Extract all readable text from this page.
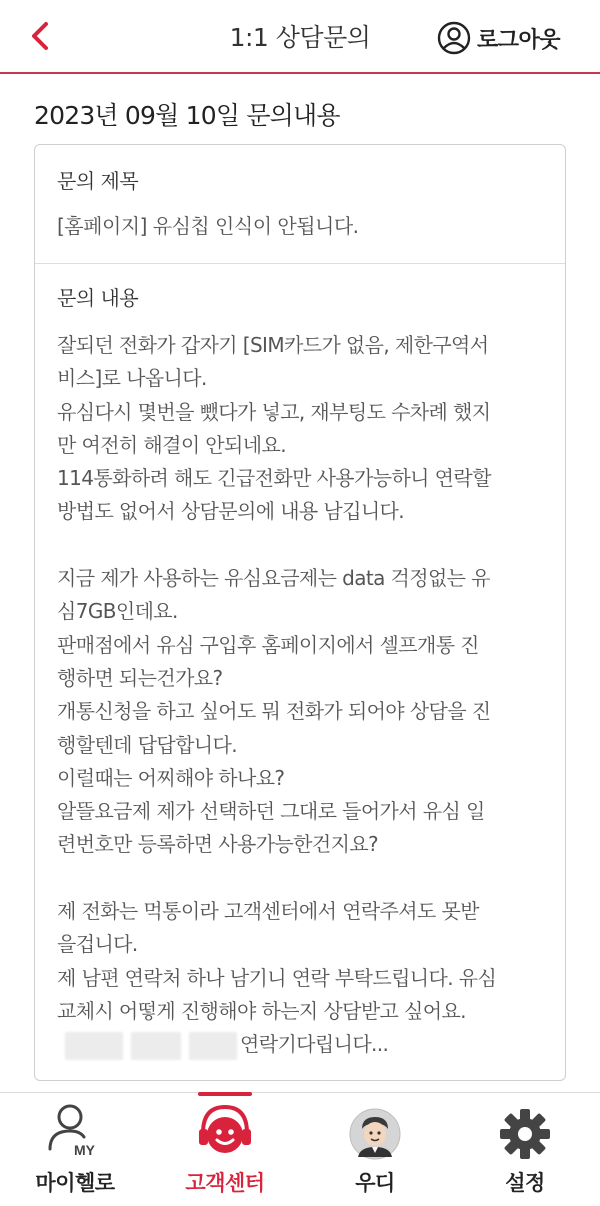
1:1 상담문의	로그아웃
2023년 09월 10일 문의내용
문의 제목
[홈페이지] 유심칩 인식이 안됩니다.
문의 내용
잘되던 전화가 갑자기 [SIM카드가 없음, 제한구역서
비스]로 나옵니다.
유심다시 몇번을 뺐다가 넣고, 재부팅도 수차례 했지
만 여전히 해결이 안되네요.
114통화하려 해도 긴급전화만 사용가능하니 연락할
방법도 없어서 상담문의에 내용 남깁니다.

지금 제가 사용하는 유심요금제는 data 걱정없는 유
심7GB인데요.
판매점에서 유심 구입후 홈페이지에서 셀프개통 진
행하면 되는건가요?
개통신청을 하고 싶어도 뭐 전화가 되어야 상담을 진
행할텐데 답답합니다.
이럴때는 어찌해야 하나요?
알뜰요금제 제가 선택하던 그대로 들어가서 유심 일
련번호만 등록하면 사용가능한건지요?

제 전화는 먹통이라 고객센터에서 연락주셔도 못받
을겁니다.
제 남편 연락처 하나 남기니 연락 부탁드립니다. 유심
교체시 어떻게 진행해야 하는지 상담받고 싶어요.
연락기다립니다...
MY
마이헬로	고객센터	우디	설정
